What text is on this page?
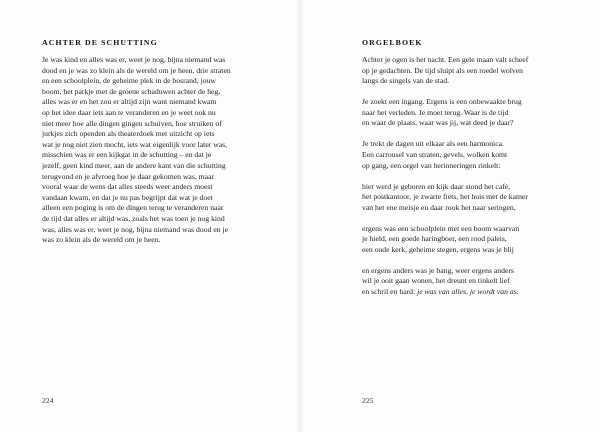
ACHTER DE SCHUTTING
Je was kind en alles was er, weet je nog, bijna niemand was
dood en je was zo klein als de wereld om je heen, drie straten
en een schoolplein, de geheime plek in de bosrand, jouw
boom, het parkje met de groene schaduwen achter de heg,
alles was er en het zou er altijd zijn want niemand kwam
op het idee daar iets aan te veranderen en je weet ook nu
niet meer hoe alle dingen gingen schuiven, hoe struiken of
jurkjes zich openden als theaterdoek met uitzicht op iets
wat je nog niet zien mocht, iets wat eigenlijk voor later was,
misschien was er een kijkgat in de schutting – en dat je
jezelf, geen kind meer, aan de andere kant van die schutting
terugvond en je afvroeg hoe je daar gekomen was, maar
vooral waar de wens dat alles steeds weer anders moest
vandaan kwam, en dat je nu pas begrijpt dat wat je doet
alleen een poging is om de dingen terug te veranderen naar
de tijd dat alles er altijd was, zoals het was toen je nog kind
was, alles was er, weet je nog, bijna niemand was dood en je
was zo klein als de wereld om je heen.
224
ORGELBOEK
Achter je ogen is het nacht. Een gele maan valt scheef
op je gedachten. De tijd sluipt als een roedel wolven
langs de singels van de stad.
Je zoekt een ingang. Ergens is een onbewaakte brug
naar het verleden. Je moet terug. Waar is de tijd
en waar de plaats, waar was jij, wat deed je daar?
Je trekt de dagen uit elkaar als een harmonica.
Een carrousel van straten, gevels, wolken komt
op gang, een orgel van herinneringen rinkelt:
hier werd je geboren en kijk daar stond het café,
het postkantoor, je zwarte fiets, het huis met de kamer
van het ene meisje en daar rook het naar seringen,
ergens was een schoolplein met een boom waarvan
je hield, een goede haringboer, een rood paleis,
een oude kerk, geheime stegen, ergens was je blij
en ergens anders was je bang, weer ergens anders
wil je ooit gaan wonen, het dreunt en tinkelt lief
en schril en hard: je was van alles, je wordt van as.
225
